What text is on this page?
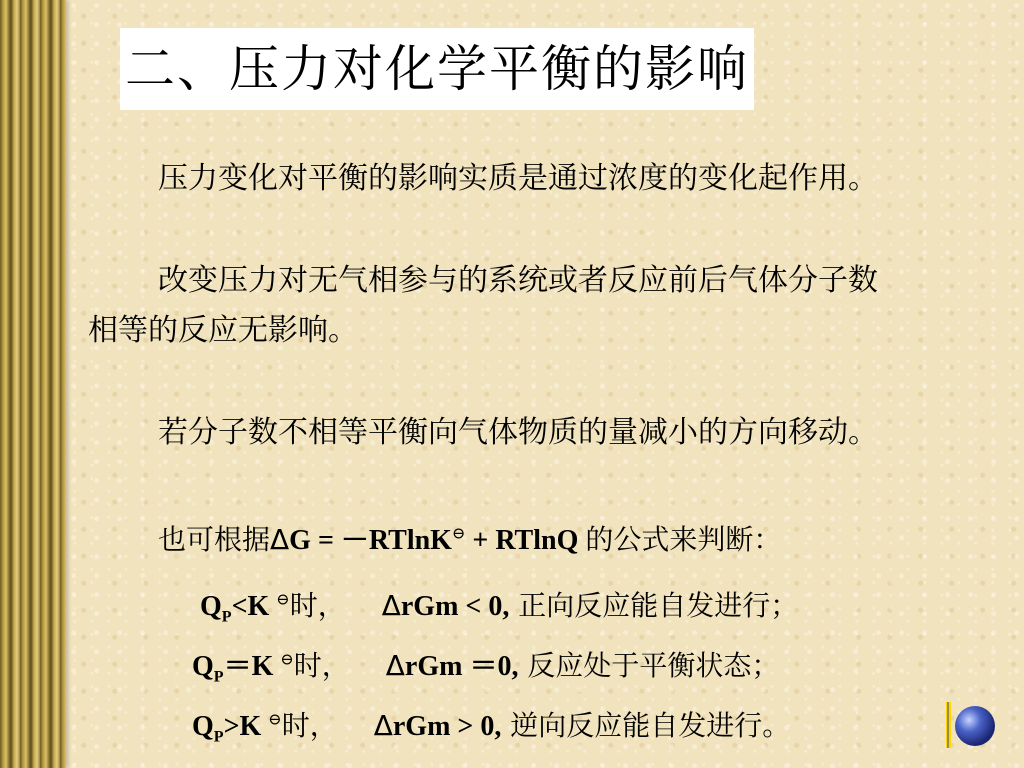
二、压力对化学平衡的影响
压力变化对平衡的影响实质是通过浓度的变化起作用。
改变压力对无气相参与的系统或者反应前后气体分子数
相等的反应无影响。
若分子数不相等平衡向气体物质的量减小的方向移动。
也可根据ΔG = －RTlnK⊖ + RTlnQ 的公式来判断：
$Q_P<K$ ⊖时， ΔrGm < 0, 正向反应能自发进行；
$Q_P=K$ ⊖时， ΔrGm ＝0, 反应处于平衡状态；
$Q_P>K$ ⊖时， ΔrGm > 0, 逆向反应能自发进行。
